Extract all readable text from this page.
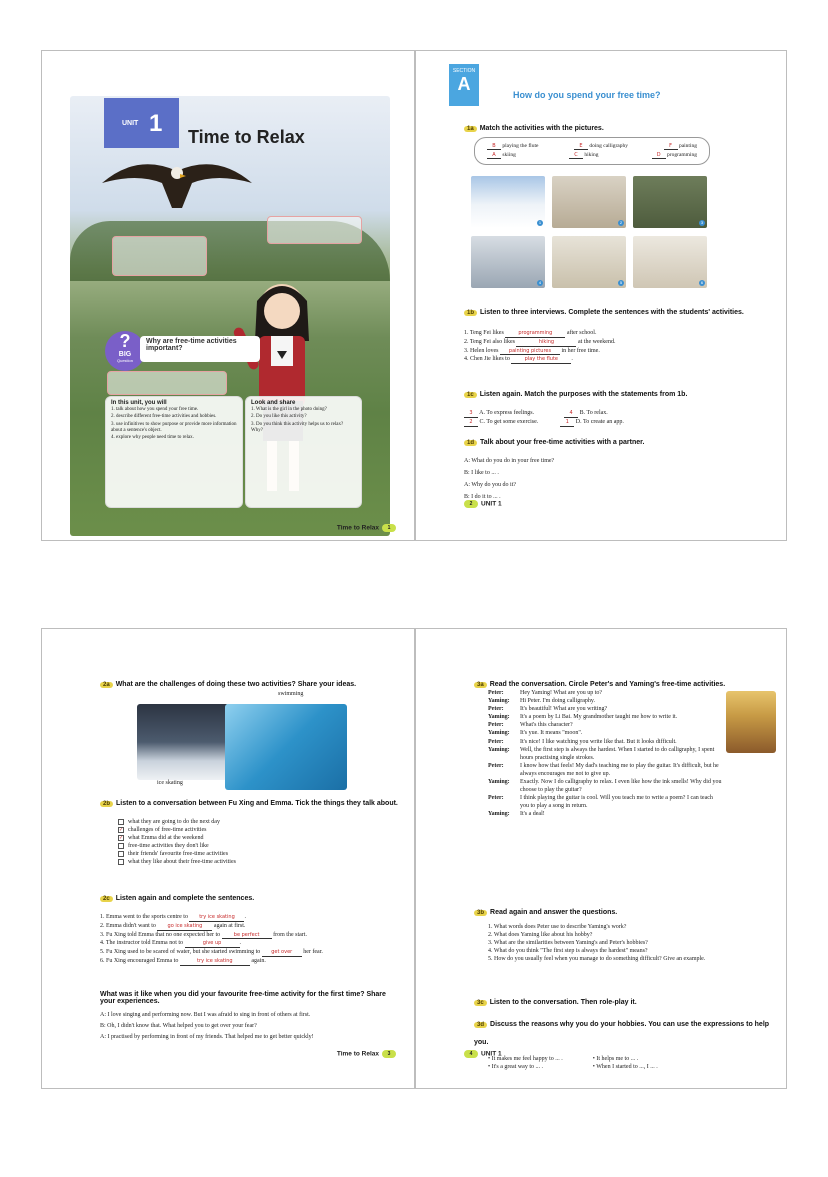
UNIT 1 Time to Relax
?
BIG
Question
Why are free-time activities important?
In this unit, you will
1. talk about how you spend your free time.
2. describe different free-time activities and hobbies.
3. use infinitives to show purpose or provide more information about a sentence's object.
4. explore why people need time to relax.
Look and share
1. What is the girl in the photo doing?
2. Do you like this activity?
3. Do you think this activity helps us to relax? Why?
Time to Relax 1
SECTION
A
How do you spend your free time?
1a Match the activities with the pictures.
B playing the flute	E doing calligraphy	F painting
A skiing	C hiking	D programming
1	2	3
4	5	6
1b Listen to three interviews. Complete the sentences with the students' activities.
1. Teng Fei likes	programming after school.
2. Teng Fei also likes	hiking	at the weekend.
3. Helen loves painting pictures in her free time.
4. Chen Jie likes to	play the flute .
1c Listen again. Match the purposes with the statements from 1b.
3 A. To express feelings.	4 B. To relax.
2 C. To get some exercise.	1 D. To create an app.
1d Talk about your free-time activities with a partner.
A: What do you do in your free time?
B: I like to ... .
A: Why do you do it?
B: I do it to ... .
2 UNIT 1
2a What are the challenges of doing these two activities? Share your ideas.
swimming
ice skating
2b Listen to a conversation between Fu Xing and Emma. Tick the things they talk about.
what they are going to do the next day
✓ challenges of free-time activities
✓ what Emma did at the weekend
free-time activities they don't like
their friends' favourite free-time activities
what they like about their free-time activities
2c Listen again and complete the sentences.
1. Emma went to the sports centre to try ice skating .
2. Emma didn't want to go ice skating again at first.
3. Fu Xing told Emma that no one expected her to	be perfect from the start.
4. The instructor told Emma not to	give up	.
5. Fu Xing used to be scared of water, but she started swimming to get over her fear.
6. Fu Xing encouraged Emma to	try ice skating	again.
What was it like when you did your favourite free-time activity for the first time? Share your experiences.
A: I love singing and performing now. But I was afraid to sing in front of others at first.
B: Oh, I didn't know that. What helped you to get over your fear?
A: I practised by performing in front of my friends. That helped me to get better quickly!
Time to Relax 3
3a Read the conversation. Circle Peter's and Yaming's free-time activities.
Peter:	Hey Yaming! What are you up to?
Yaming:	Hi Peter. I'm doing calligraphy.
Peter:	It's beautiful! What are you writing?
Yaming:	It's a poem by Li Bai. My grandmother taught me how to write it.
Peter:	What's this character?
Yaming:	It's yue. It means "moon".
Peter:	It's nice! I like watching you write like that. But it looks difficult.
Yaming:	Well, the first step is always the hardest. When I started to do calligraphy, I spent hours practising single strokes.
Peter:	I know how that feels! My dad's teaching me to play the guitar. It's difficult, but he always encourages me not to give up.
Yaming:	Exactly. Now I do calligraphy to relax. I even like how the ink smells! Why did you choose to play the guitar?
Peter:	I think playing the guitar is cool. Will you teach me to write a poem? I can teach you to play a song in return.
Yaming:	It's a deal!
3b Read again and answer the questions.
1. What words does Peter use to describe Yaming's work?
2. What does Yaming like about his hobby?
3. What are the similarities between Yaming's and Peter's hobbies?
4. What do you think "The first step is always the hardest" means?
5. How do you usually feel when you manage to do something difficult? Give an example.
3c Listen to the conversation. Then role-play it.
3d Discuss the reasons why you do your hobbies. You can use the expressions to help you.
• It makes me feel happy to ... .
• It's a great way to ... .
• It helps me to ... .
• When I started to ..., I ... .
4 UNIT 1
